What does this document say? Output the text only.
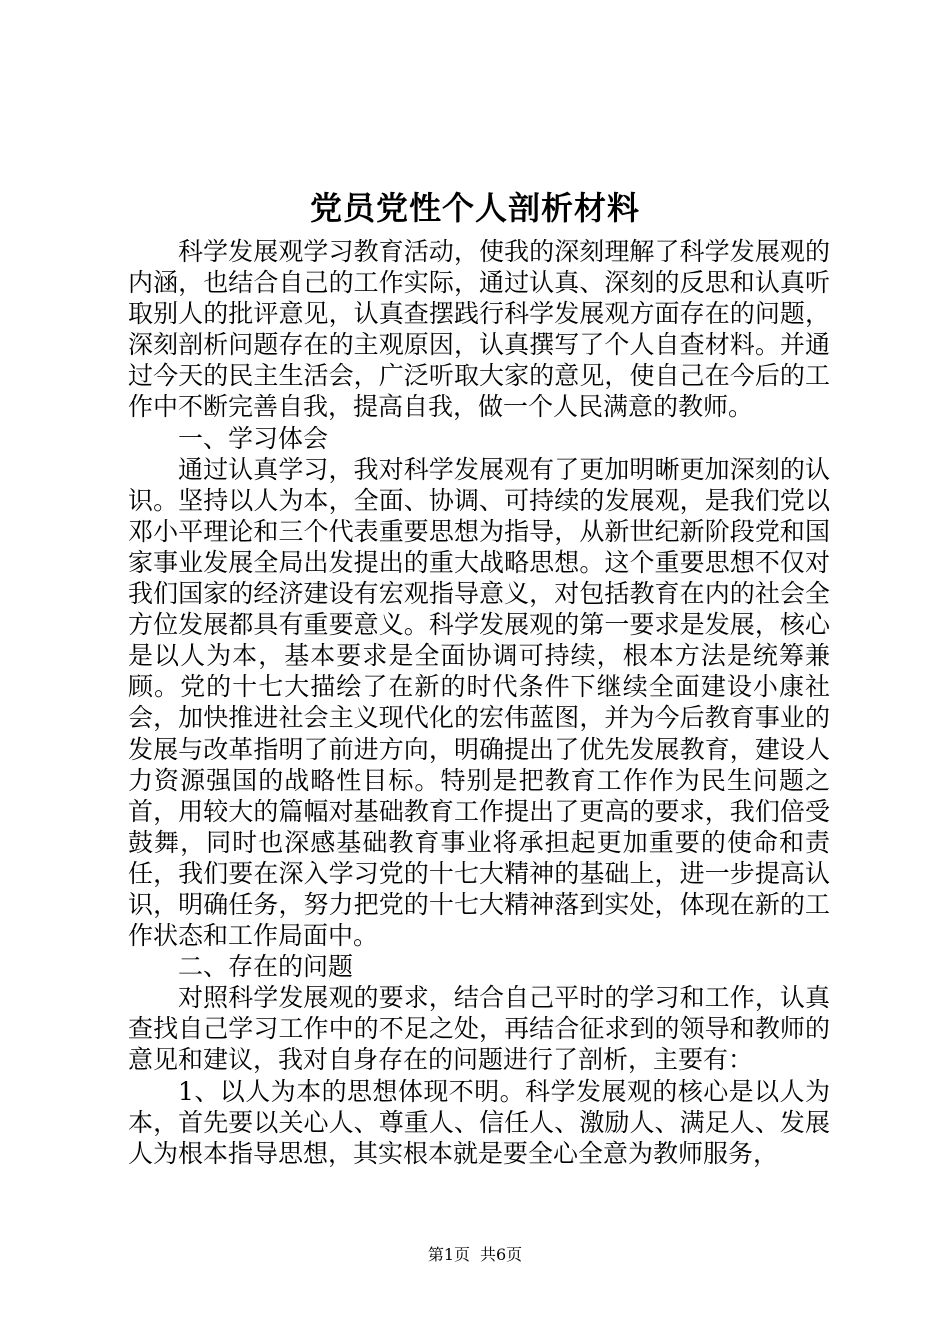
党员党性个人剖析材料

科学发展观学习教育活动，使我的深刻理解了科学发展观的内涵，也结合自己的工作实际，通过认真、深刻的反思和认真听取别人的批评意见，认真查摆践行科学发展观方面存在的问题，深刻剖析问题存在的主观原因，认真撰写了个人自查材料。并通过今天的民主生活会，广泛听取大家的意见，使自己在今后的工作中不断完善自我，提高自我，做一个人民满意的教师。

一、学习体会

通过认真学习，我对科学发展观有了更加明晰更加深刻的认识。坚持以人为本，全面、协调、可持续的发展观，是我们党以邓小平理论和三个代表重要思想为指导，从新世纪新阶段党和国家事业发展全局出发提出的重大战略思想。这个重要思想不仅对我们国家的经济建设有宏观指导意义，对包括教育在内的社会全方位发展都具有重要意义。科学发展观的第一要求是发展，核心是以人为本，基本要求是全面协调可持续，根本方法是统筹兼顾。党的十七大描绘了在新的时代条件下继续全面建设小康社会，加快推进社会主义现代化的宏伟蓝图，并为今后教育事业的发展与改革指明了前进方向，明确提出了优先发展教育，建设人力资源强国的战略性目标。特别是把教育工作作为民生问题之首，用较大的篇幅对基础教育工作提出了更高的要求，我们倍受鼓舞，同时也深感基础教育事业将承担起更加重要的使命和责任，我们要在深入学习党的十七大精神的基础上，进一步提高认识，明确任务，努力把党的十七大精神落到实处，体现在新的工作状态和工作局面中。

二、存在的问题

对照科学发展观的要求，结合自己平时的学习和工作，认真查找自己学习工作中的不足之处，再结合征求到的领导和教师的意见和建议，我对自身存在的问题进行了剖析，主要有：

1、以人为本的思想体现不明。科学发展观的核心是以人为本，首先要以关心人、尊重人、信任人、激励人、满足人、发展人为根本指导思想，其实根本就是要全心全意为教师服务，

第1页 共6页
